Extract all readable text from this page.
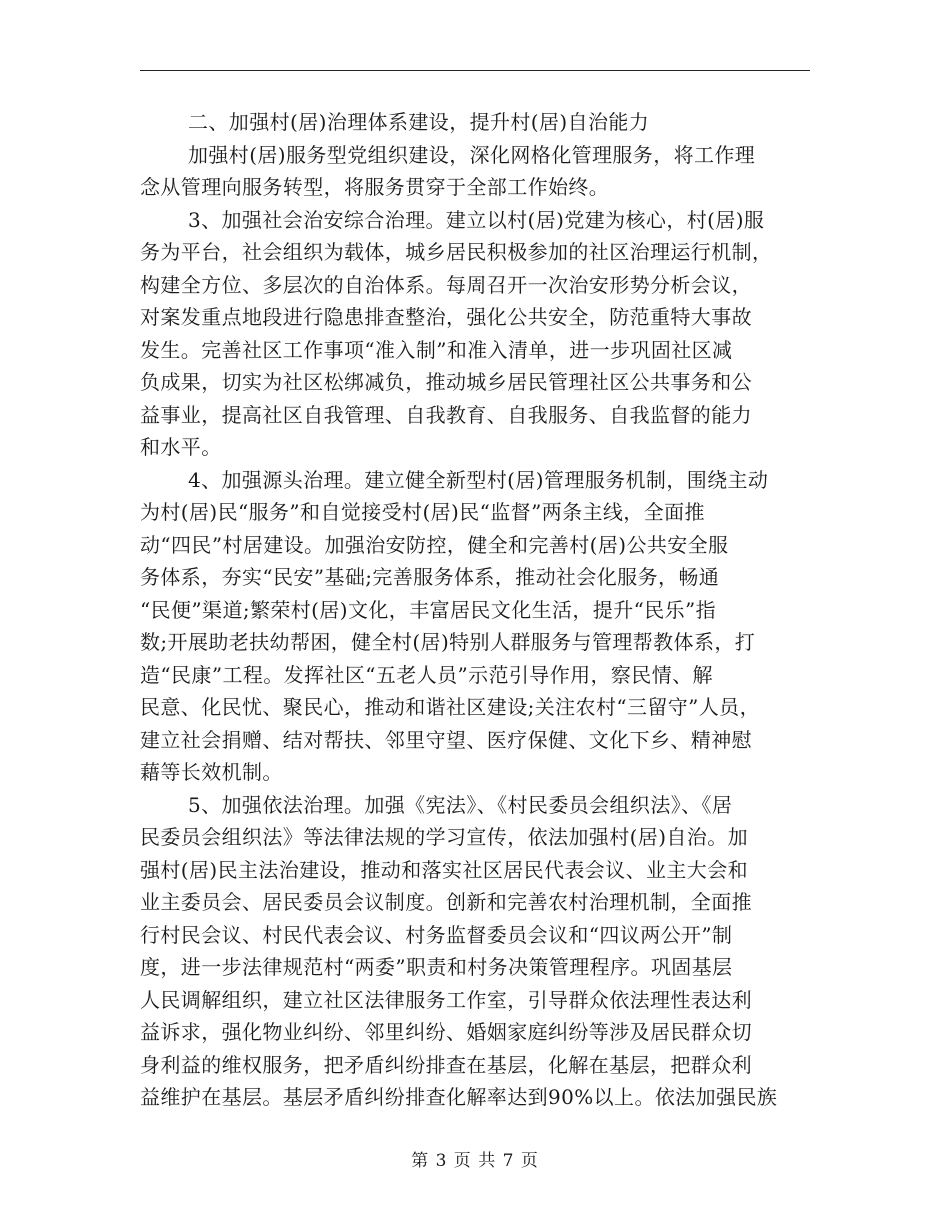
二、加强村(居)治理体系建设，提升村(居)自治能力
加强村(居)服务型党组织建设，深化网格化管理服务，将工作理
念从管理向服务转型，将服务贯穿于全部工作始终。
3、加强社会治安综合治理。建立以村(居)党建为核心，村(居)服
务为平台，社会组织为载体，城乡居民积极参加的社区治理运行机制，
构建全方位、多层次的自治体系。每周召开一次治安形势分析会议，
对案发重点地段进行隐患排查整治，强化公共安全，防范重特大事故
发生。完善社区工作事项“准入制”和准入清单，进一步巩固社区减
负成果，切实为社区松绑减负，推动城乡居民管理社区公共事务和公
益事业，提高社区自我管理、自我教育、自我服务、自我监督的能力
和水平。
4、加强源头治理。建立健全新型村(居)管理服务机制，围绕主动
为村(居)民“服务”和自觉接受村(居)民“监督”两条主线，全面推
动“四民”村居建设。加强治安防控，健全和完善村(居)公共安全服
务体系，夯实“民安”基础;完善服务体系，推动社会化服务，畅通
“民便”渠道;繁荣村(居)文化，丰富居民文化生活，提升“民乐”指
数;开展助老扶幼帮困，健全村(居)特别人群服务与管理帮教体系，打
造“民康”工程。发挥社区“五老人员”示范引导作用，察民情、解
民意、化民忧、聚民心，推动和谐社区建设;关注农村“三留守”人员，
建立社会捐赠、结对帮扶、邻里守望、医疗保健、文化下乡、精神慰
藉等长效机制。
5、加强依法治理。加强《宪法》、《村民委员会组织法》、《居
民委员会组织法》等法律法规的学习宣传，依法加强村(居)自治。加
强村(居)民主法治建设，推动和落实社区居民代表会议、业主大会和
业主委员会、居民委员会议制度。创新和完善农村治理机制，全面推
行村民会议、村民代表会议、村务监督委员会议和“四议两公开”制
度，进一步法律规范村“两委”职责和村务决策管理程序。巩固基层
人民调解组织，建立社区法律服务工作室，引导群众依法理性表达利
益诉求，强化物业纠纷、邻里纠纷、婚姻家庭纠纷等涉及居民群众切
身利益的维权服务，把矛盾纠纷排查在基层，化解在基层，把群众利
益维护在基层。基层矛盾纠纷排查化解率达到90%以上。依法加强民族
第 3 页 共 7 页
